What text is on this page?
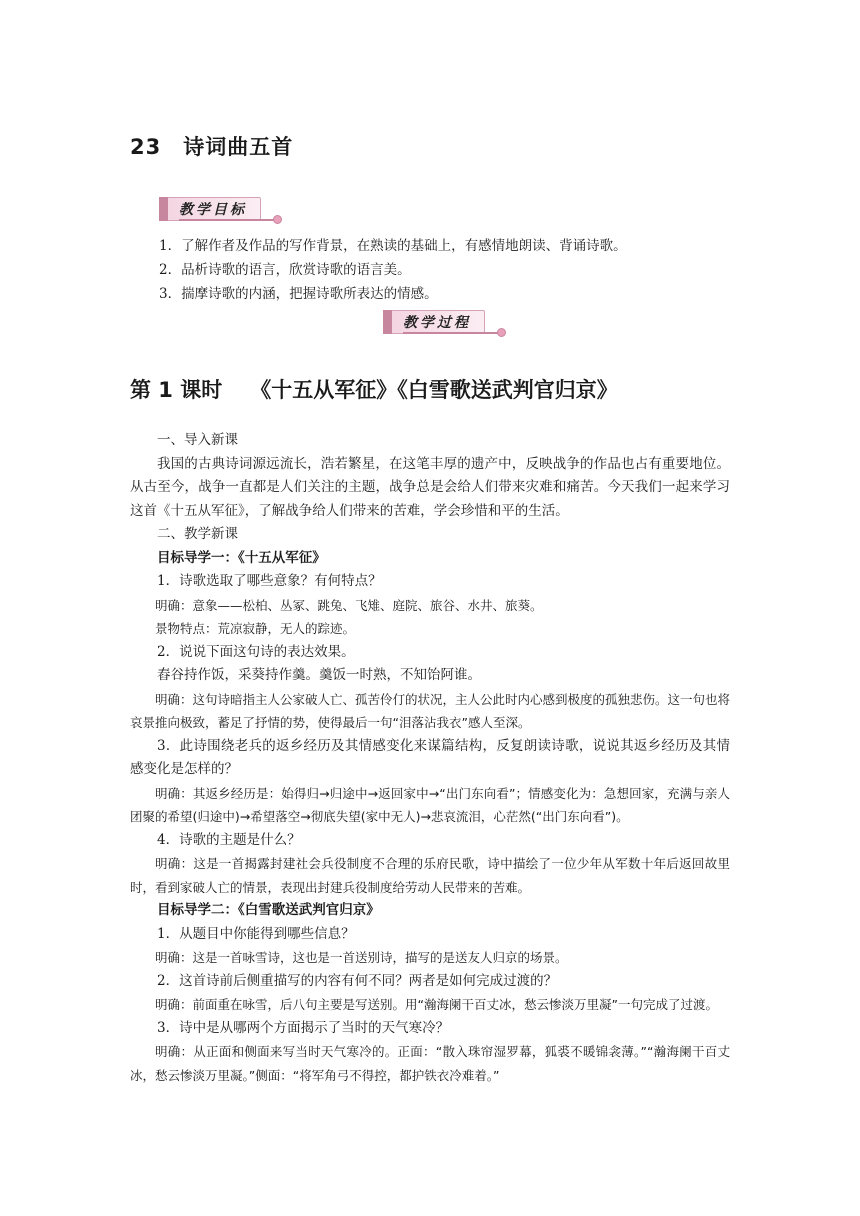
23 诗词曲五首
教学目标
1．了解作者及作品的写作背景，在熟读的基础上，有感情地朗读、背诵诗歌。
2．品析诗歌的语言，欣赏诗歌的语言美。
3．揣摩诗歌的内涵，把握诗歌所表达的情感。
教学过程
第 1 课时 《十五从军征》《白雪歌送武判官归京》

一、导入新课

我国的古典诗词源远流长，浩若繁星，在这笔丰厚的遗产中，反映战争的作品也占有重要地位。从古至今，战争一直都是人们关注的主题，战争总是会给人们带来灾难和痛苦。今天我们一起来学习这首《十五从军征》，了解战争给人们带来的苦难，学会珍惜和平的生活。

二、教学新课

目标导学一：《十五从军征》

1．诗歌选取了哪些意象？有何特点？

明确：意象——松柏、丛冢、跳兔、飞雉、庭院、旅谷、水井、旅葵。

景物特点：荒凉寂静，无人的踪迹。

2．说说下面这句诗的表达效果。

舂谷持作饭，采葵持作羹。羹饭一时熟，不知饴阿谁。

明确：这句诗暗指主人公家破人亡、孤苦伶仃的状况，主人公此时内心感到极度的孤独悲伤。这一句也将哀景推向极致，蓄足了抒情的势，使得最后一句“泪落沾我衣”感人至深。

3．此诗围绕老兵的返乡经历及其情感变化来谋篇结构，反复朗读诗歌，说说其返乡经历及其情感变化是怎样的？

明确：其返乡经历是：始得归→归途中→返回家中→“出门东向看”；情感变化为：急想回家，充满与亲人团聚的希望(归途中)→希望落空→彻底失望(家中无人)→悲哀流泪，心茫然(“出门东向看”)。

4．诗歌的主题是什么？

明确：这是一首揭露封建社会兵役制度不合理的乐府民歌，诗中描绘了一位少年从军数十年后返回故里时，看到家破人亡的情景，表现出封建兵役制度给劳动人民带来的苦难。

目标导学二：《白雪歌送武判官归京》

1．从题目中你能得到哪些信息？

明确：这是一首咏雪诗，这也是一首送别诗，描写的是送友人归京的场景。

2．这首诗前后侧重描写的内容有何不同？两者是如何完成过渡的？

明确：前面重在咏雪，后八句主要是写送别。用“瀚海阑干百丈冰，愁云惨淡万里凝”一句完成了过渡。

3．诗中是从哪两个方面揭示了当时的天气寒冷？

明确：从正面和侧面来写当时天气寒冷的。正面：“散入珠帘湿罗幕，狐裘不暖锦衾薄。”“瀚海阑干百丈冰，愁云惨淡万里凝。”侧面：“将军角弓不得控，都护铁衣冷难着。”
